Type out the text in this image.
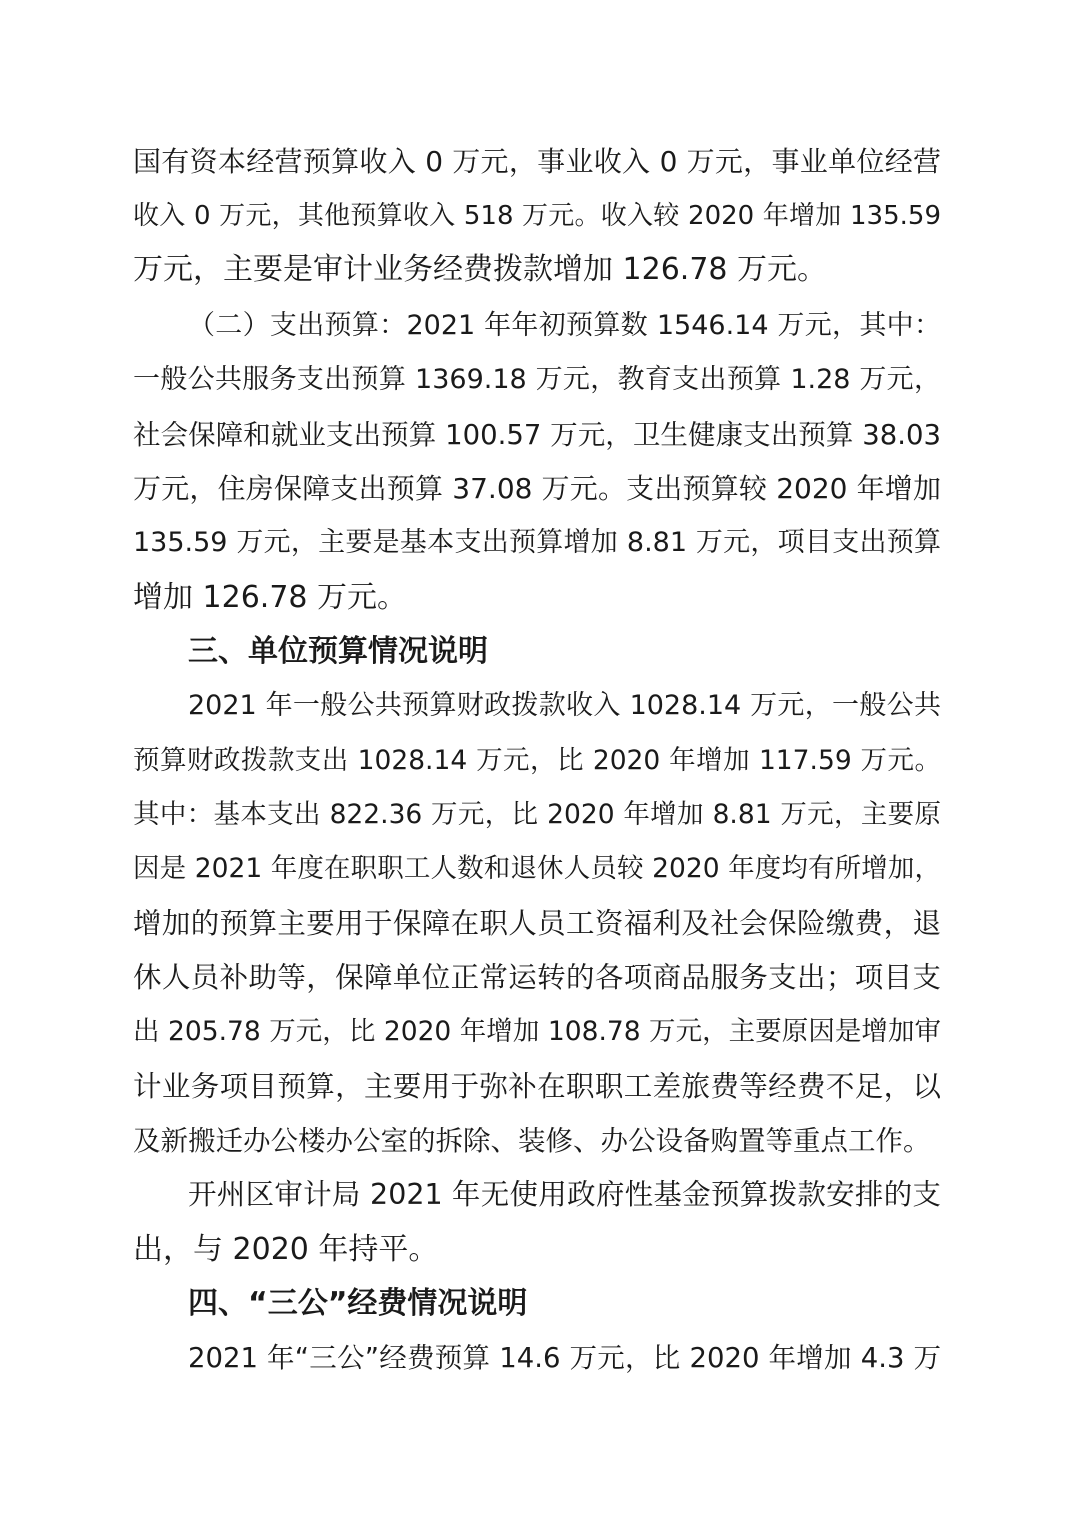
国有资本经营预算收入 0 万元，事业收入 0 万元，事业单位经营
收入 0 万元，其他预算收入 518 万元。收入较 2020 年增加 135.59
万元，主要是审计业务经费拨款增加 126.78 万元。
（二）支出预算：2021 年年初预算数 1546.14 万元，其中：
一般公共服务支出预算 1369.18 万元，教育支出预算 1.28 万元，
社会保障和就业支出预算 100.57 万元，卫生健康支出预算 38.03
万元，住房保障支出预算 37.08 万元。支出预算较 2020 年增加
135.59 万元，主要是基本支出预算增加 8.81 万元，项目支出预算
增加 126.78 万元。
三、单位预算情况说明
2021 年一般公共预算财政拨款收入 1028.14 万元，一般公共
预算财政拨款支出 1028.14 万元，比 2020 年增加 117.59 万元。
其中：基本支出 822.36 万元，比 2020 年增加 8.81 万元，主要原
因是 2021 年度在职职工人数和退休人员较 2020 年度均有所增加，
增加的预算主要用于保障在职人员工资福利及社会保险缴费，退
休人员补助等，保障单位正常运转的各项商品服务支出；项目支
出 205.78 万元，比 2020 年增加 108.78 万元，主要原因是增加审
计业务项目预算，主要用于弥补在职职工差旅费等经费不足，以
及新搬迁办公楼办公室的拆除、装修、办公设备购置等重点工作。
开州区审计局 2021 年无使用政府性基金预算拨款安排的支
出，与 2020 年持平。
四、“三公”经费情况说明
2021 年“三公”经费预算 14.6 万元，比 2020 年增加 4.3 万
